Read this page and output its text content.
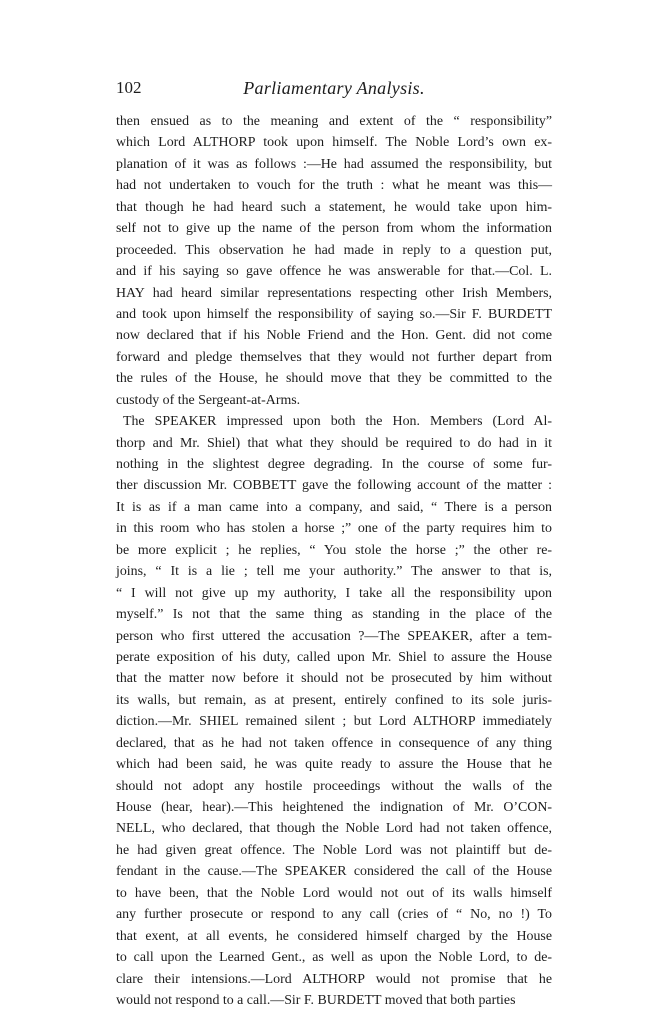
102	Parliamentary Analysis.
then ensued as to the meaning and extent of the “ responsibility”
which Lord ALTHORP took upon himself. The Noble Lord’s own ex-
planation of it was as follows :—He had assumed the responsibility, but
had not undertaken to vouch for the truth : what he meant was this—
that though he had heard such a statement, he would take upon him-
self not to give up the name of the person from whom the information
proceeded. This observation he had made in reply to a question put,
and if his saying so gave offence he was answerable for that.—Col. L.
HAY had heard similar representations respecting other Irish Members,
and took upon himself the responsibility of saying so.—Sir F. BURDETT
now declared that if his Noble Friend and the Hon. Gent. did not come
forward and pledge themselves that they would not further depart from
the rules of the House, he should move that they be committed to the
custody of the Sergeant-at-Arms.
The SPEAKER impressed upon both the Hon. Members (Lord Al-
thorp and Mr. Shiel) that what they should be required to do had in it
nothing in the slightest degree degrading. In the course of some fur-
ther discussion Mr. COBBETT gave the following account of the matter :
It is as if a man came into a company, and said, “ There is a person
in this room who has stolen a horse ;” one of the party requires him to
be more explicit ; he replies, “ You stole the horse ;” the other re-
joins, “ It is a lie ; tell me your authority.” The answer to that is,
“ I will not give up my authority, I take all the responsibility upon
myself.” Is not that the same thing as standing in the place of the
person who first uttered the accusation ?—The SPEAKER, after a tem-
perate exposition of his duty, called upon Mr. Shiel to assure the House
that the matter now before it should not be prosecuted by him without
its walls, but remain, as at present, entirely confined to its sole juris-
diction.—Mr. SHIEL remained silent ; but Lord ALTHORP immediately
declared, that as he had not taken offence in consequence of any thing
which had been said, he was quite ready to assure the House that he
should not adopt any hostile proceedings without the walls of the
House (hear, hear).—This heightened the indignation of Mr. O’CON-
NELL, who declared, that though the Noble Lord had not taken offence,
he had given great offence. The Noble Lord was not plaintiff but de-
fendant in the cause.—The SPEAKER considered the call of the House
to have been, that the Noble Lord would not out of its walls himself
any further prosecute or respond to any call (cries of “ No, no !) To
that exent, at all events, he considered himself charged by the House
to call upon the Learned Gent., as well as upon the Noble Lord, to de-
clare their intensions.—Lord ALTHORP would not promise that he
would not respond to a call.—Sir F. BURDETT moved that both parties
